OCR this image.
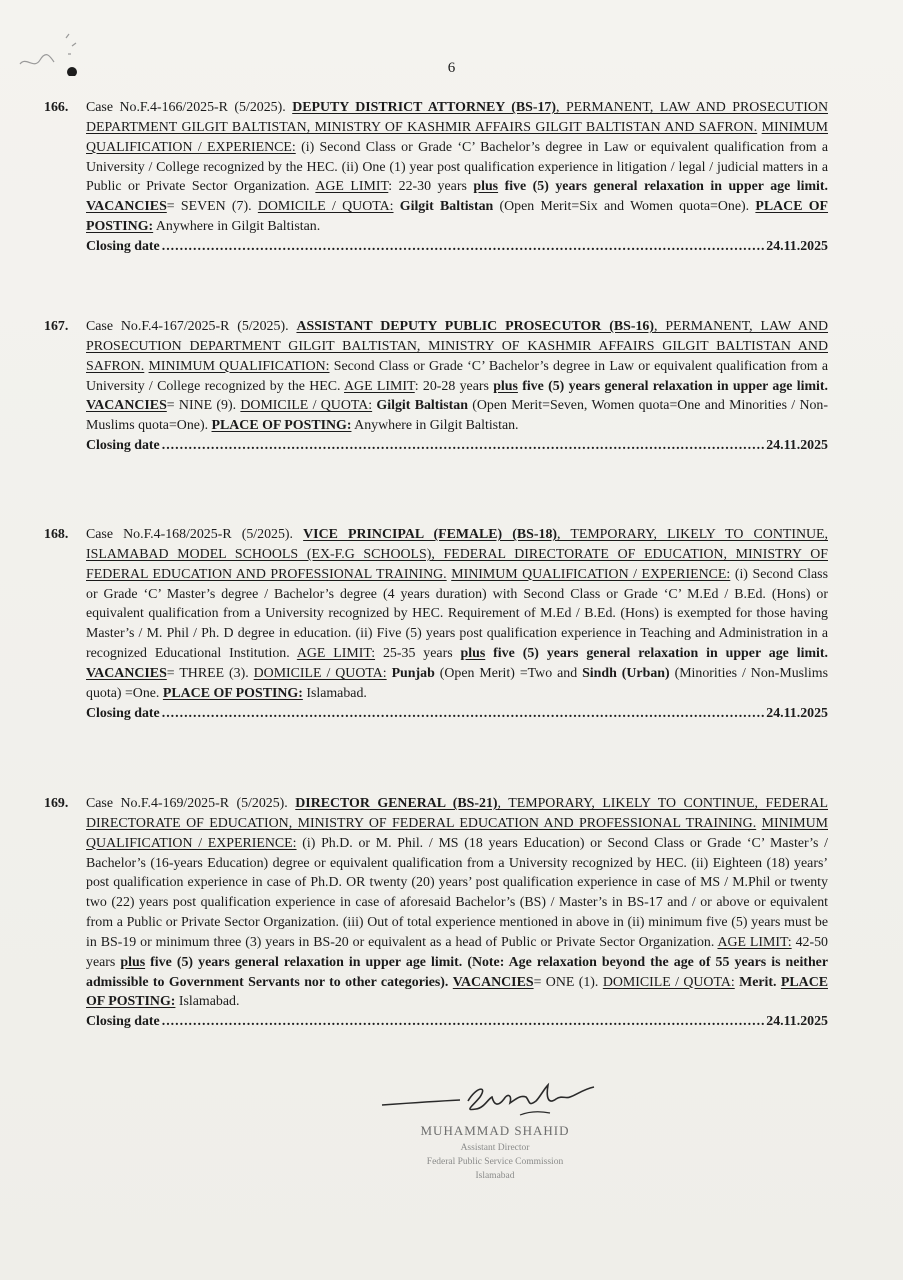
6
166. Case No.F.4-166/2025-R (5/2025). DEPUTY DISTRICT ATTORNEY (BS-17), PERMANENT, LAW AND PROSECUTION DEPARTMENT GILGIT BALTISTAN, MINISTRY OF KASHMIR AFFAIRS GILGIT BALTISTAN AND SAFRON. MINIMUM QUALIFICATION / EXPERIENCE: (i) Second Class or Grade ‘C’ Bachelor’s degree in Law or equivalent qualification from a University / College recognized by the HEC. (ii) One (1) year post qualification experience in litigation / legal / judicial matters in a Public or Private Sector Organization. AGE LIMIT: 22-30 years plus five (5) years general relaxation in upper age limit. VACANCIES= SEVEN (7). DOMICILE / QUOTA: Gilgit Baltistan (Open Merit=Six and Women quota=One). PLACE OF POSTING: Anywhere in Gilgit Baltistan.
Closing date .....	24.11.2025
167. Case No.F.4-167/2025-R (5/2025). ASSISTANT DEPUTY PUBLIC PROSECUTOR (BS-16), PERMANENT, LAW AND PROSECUTION DEPARTMENT GILGIT BALTISTAN, MINISTRY OF KASHMIR AFFAIRS GILGIT BALTISTAN AND SAFRON. MINIMUM QUALIFICATION: Second Class or Grade ‘C’ Bachelor’s degree in Law or equivalent qualification from a University / College recognized by the HEC. AGE LIMIT: 20-28 years plus five (5) years general relaxation in upper age limit. VACANCIES= NINE (9). DOMICILE / QUOTA: Gilgit Baltistan (Open Merit=Seven, Women quota=One and Minorities / Non-Muslims quota=One). PLACE OF POSTING: Anywhere in Gilgit Baltistan.
Closing date .....	24.11.2025
168. Case No.F.4-168/2025-R (5/2025). VICE PRINCIPAL (FEMALE) (BS-18), TEMPORARY, LIKELY TO CONTINUE, ISLAMABAD MODEL SCHOOLS (EX-F.G SCHOOLS), FEDERAL DIRECTORATE OF EDUCATION, MINISTRY OF FEDERAL EDUCATION AND PROFESSIONAL TRAINING. MINIMUM QUALIFICATION / EXPERIENCE: (i) Second Class or Grade ‘C’ Master’s degree / Bachelor’s degree (4 years duration) with Second Class or Grade ‘C’ M.Ed / B.Ed. (Hons) or equivalent qualification from a University recognized by HEC. Requirement of M.Ed / B.Ed. (Hons) is exempted for those having Master’s / M. Phil / Ph. D degree in education. (ii) Five (5) years post qualification experience in Teaching and Administration in a recognized Educational Institution. AGE LIMIT: 25-35 years plus five (5) years general relaxation in upper age limit. VACANCIES= THREE (3). DOMICILE / QUOTA: Punjab (Open Merit) =Two and Sindh (Urban) (Minorities / Non-Muslims quota) =One. PLACE OF POSTING: Islamabad.
Closing date .....	24.11.2025
169. Case No.F.4-169/2025-R (5/2025). DIRECTOR GENERAL (BS-21), TEMPORARY, LIKELY TO CONTINUE, FEDERAL DIRECTORATE OF EDUCATION, MINISTRY OF FEDERAL EDUCATION AND PROFESSIONAL TRAINING. MINIMUM QUALIFICATION / EXPERIENCE: (i) Ph.D. or M. Phil. / MS (18 years Education) or Second Class or Grade ‘C’ Master’s / Bachelor’s (16-years Education) degree or equivalent qualification from a University recognized by HEC. (ii) Eighteen (18) years’ post qualification experience in case of Ph.D. OR twenty (20) years’ post qualification experience in case of MS / M.Phil or twenty two (22) years post qualification experience in case of aforesaid Bachelor’s (BS) / Master’s in BS-17 and / or above or equivalent from a Public or Private Sector Organization. (iii) Out of total experience mentioned in above in (ii) minimum five (5) years must be in BS-19 or minimum three (3) years in BS-20 or equivalent as a head of Public or Private Sector Organization. AGE LIMIT: 42-50 years plus five (5) years general relaxation in upper age limit. (Note: Age relaxation beyond the age of 55 years is neither admissible to Government Servants nor to other categories). VACANCIES= ONE (1). DOMICILE / QUOTA: Merit. PLACE OF POSTING: Islamabad.
Closing date .....	24.11.2025
MUHAMMAD SHAHID
Assistant Director
Federal Public Service Commission
Islamabad
